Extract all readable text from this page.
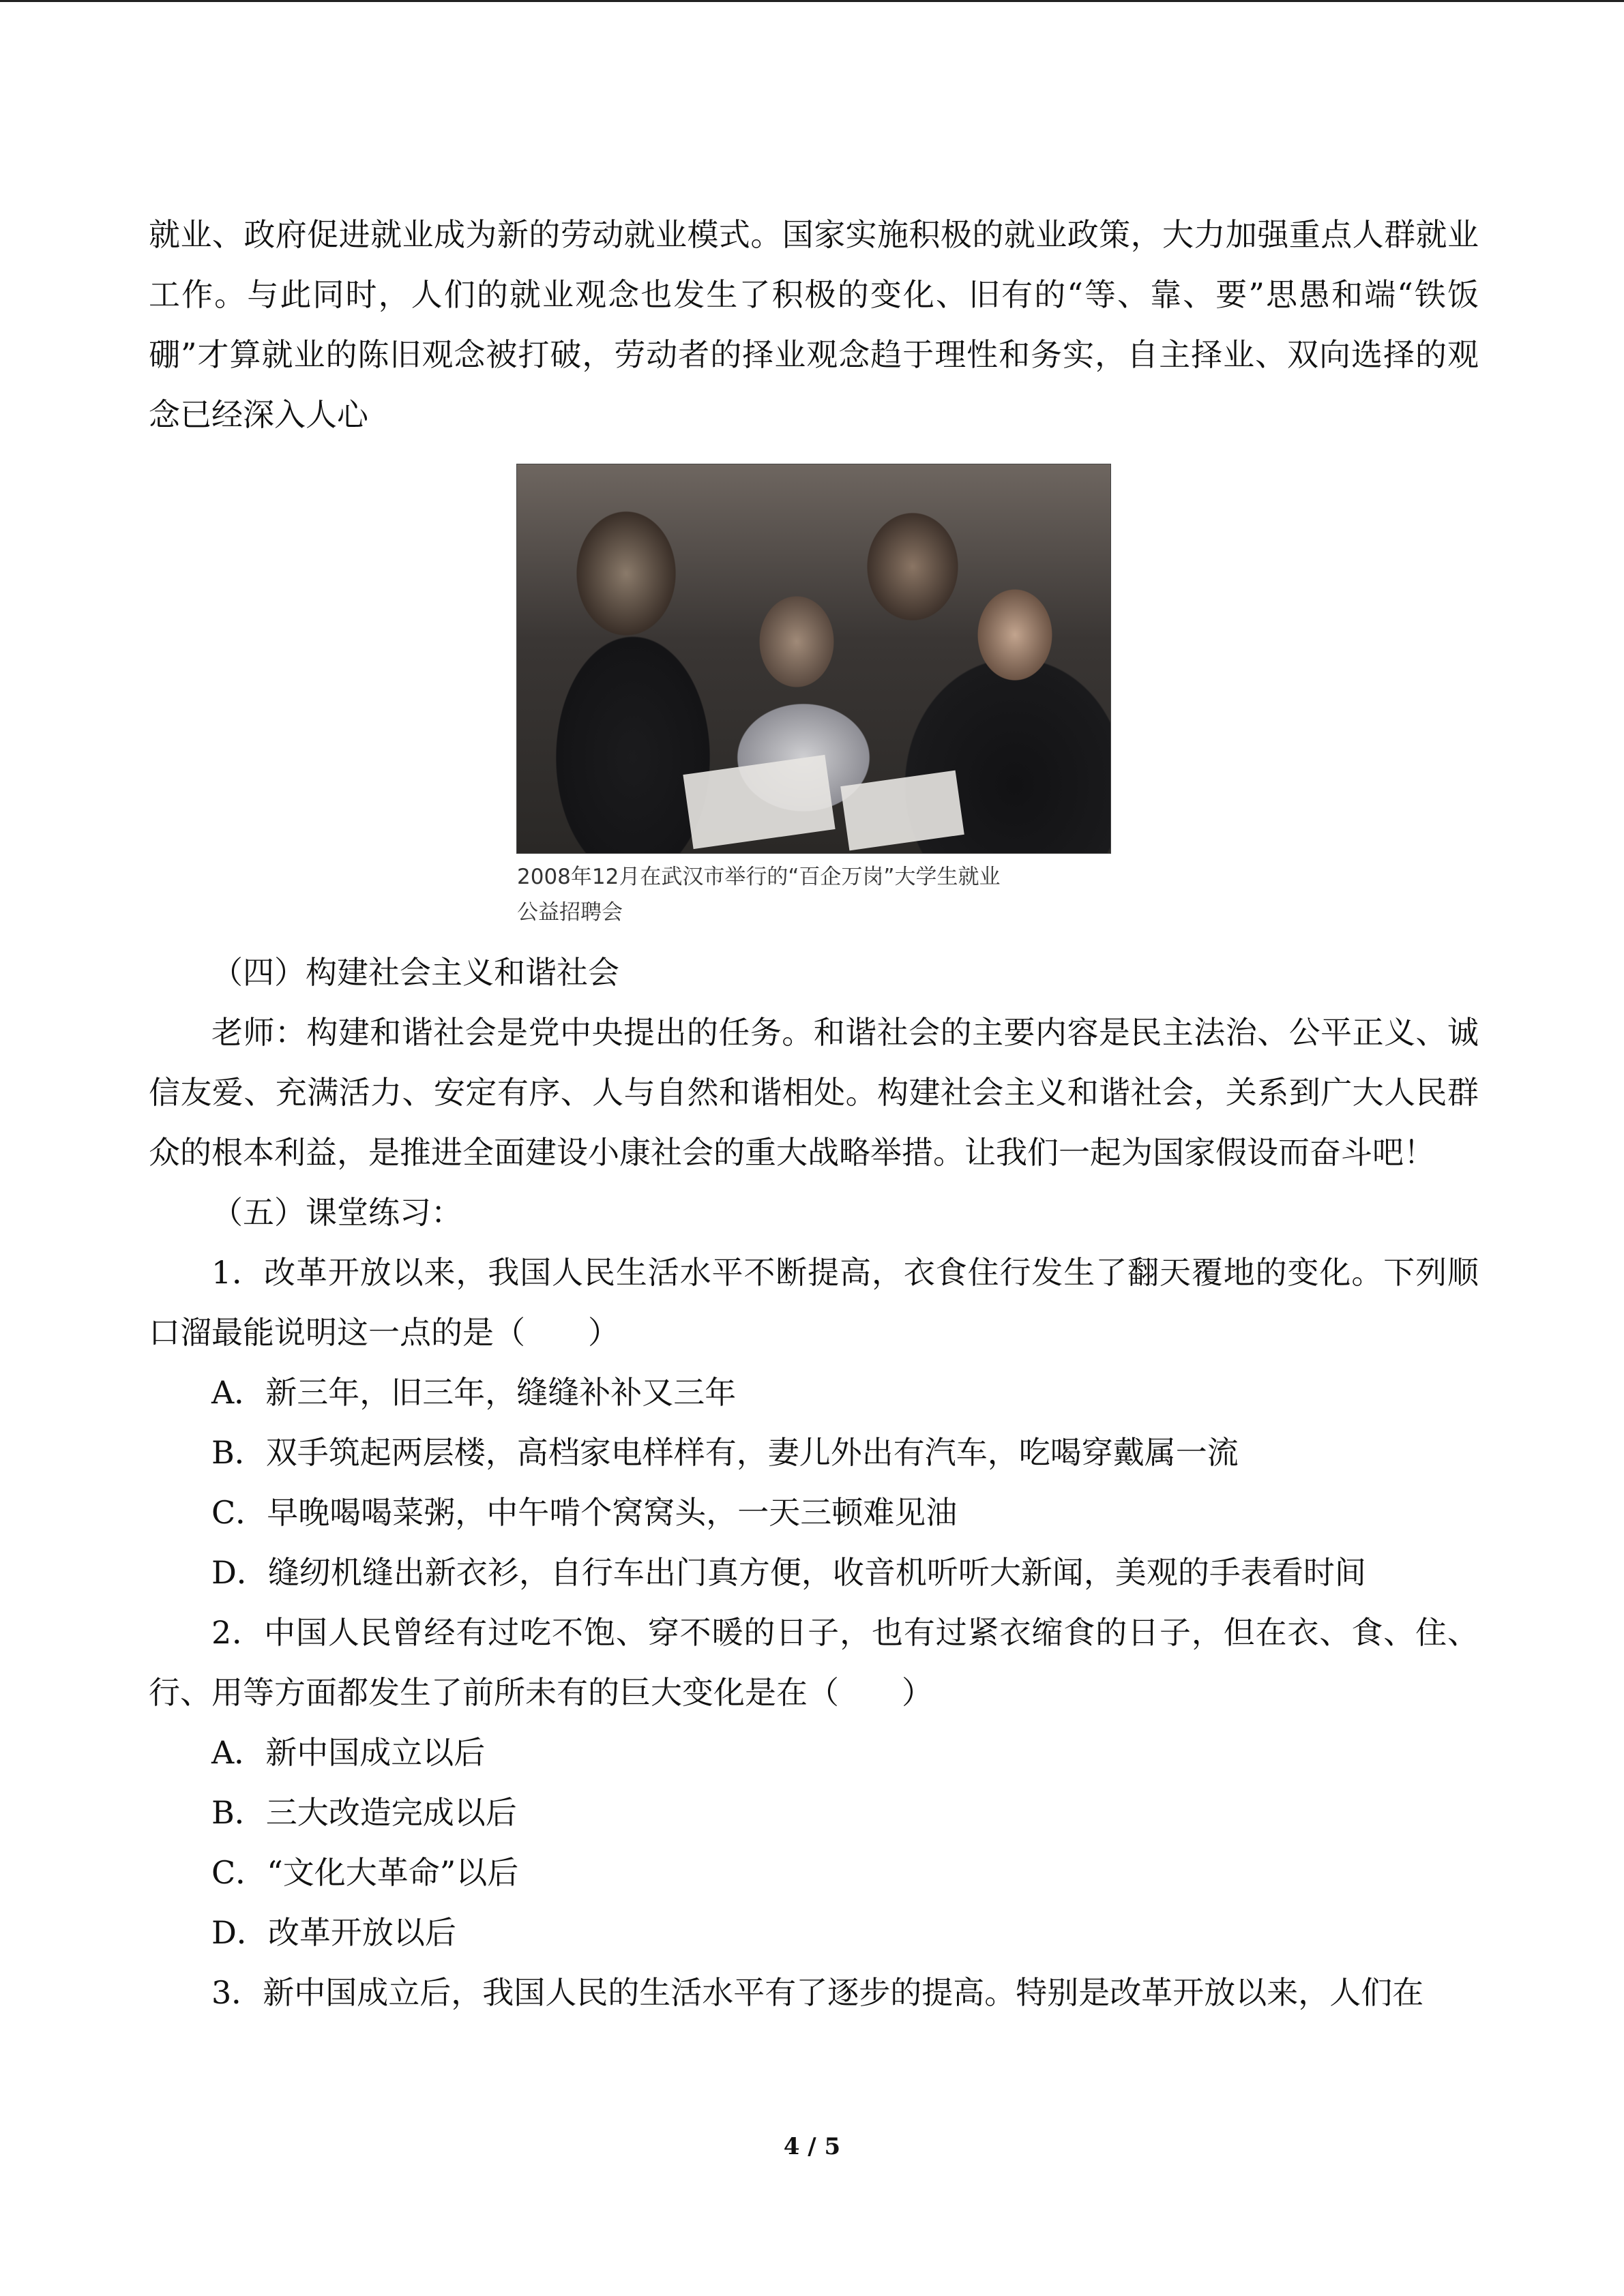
就业、政府促进就业成为新的劳动就业模式。国家实施积极的就业政策，大力加强重点人群就业工作。与此同时，人们的就业观念也发生了积极的变化、旧有的“等、靠、要”思愚和端“铁饭硼”才算就业的陈旧观念被打破，劳动者的择业观念趋于理性和务实，自主择业、双向选择的观念已经深入人心

2008年12月在武汉市举行的“百企万岗”大学生就业
公益招聘会

（四）构建社会主义和谐社会

老师：构建和谐社会是党中央提出的任务。和谐社会的主要内容是民主法治、公平正义、诚信友爱、充满活力、安定有序、人与自然和谐相处。构建社会主义和谐社会，关系到广大人民群众的根本利益，是推进全面建设小康社会的重大战略举措。让我们一起为国家假设而奋斗吧！

（五）课堂练习：

1．改革开放以来，我国人民生活水平不断提高，衣食住行发生了翻天覆地的变化。下列顺口溜最能说明这一点的是（　　）

A．新三年，旧三年，缝缝补补又三年

B．双手筑起两层楼，高档家电样样有，妻儿外出有汽车，吃喝穿戴属一流

C．早晚喝喝菜粥，中午啃个窝窝头，一天三顿难见油

D．缝纫机缝出新衣衫，自行车出门真方便，收音机听听大新闻，美观的手表看时间

2．中国人民曾经有过吃不饱、穿不暖的日子，也有过紧衣缩食的日子，但在衣、食、住、行、用等方面都发生了前所未有的巨大变化是在（　　）

A．新中国成立以后

B．三大改造完成以后

C．“文化大革命”以后

D．改革开放以后

3．新中国成立后，我国人民的生活水平有了逐步的提高。特别是改革开放以来，人们在

4 / 5
